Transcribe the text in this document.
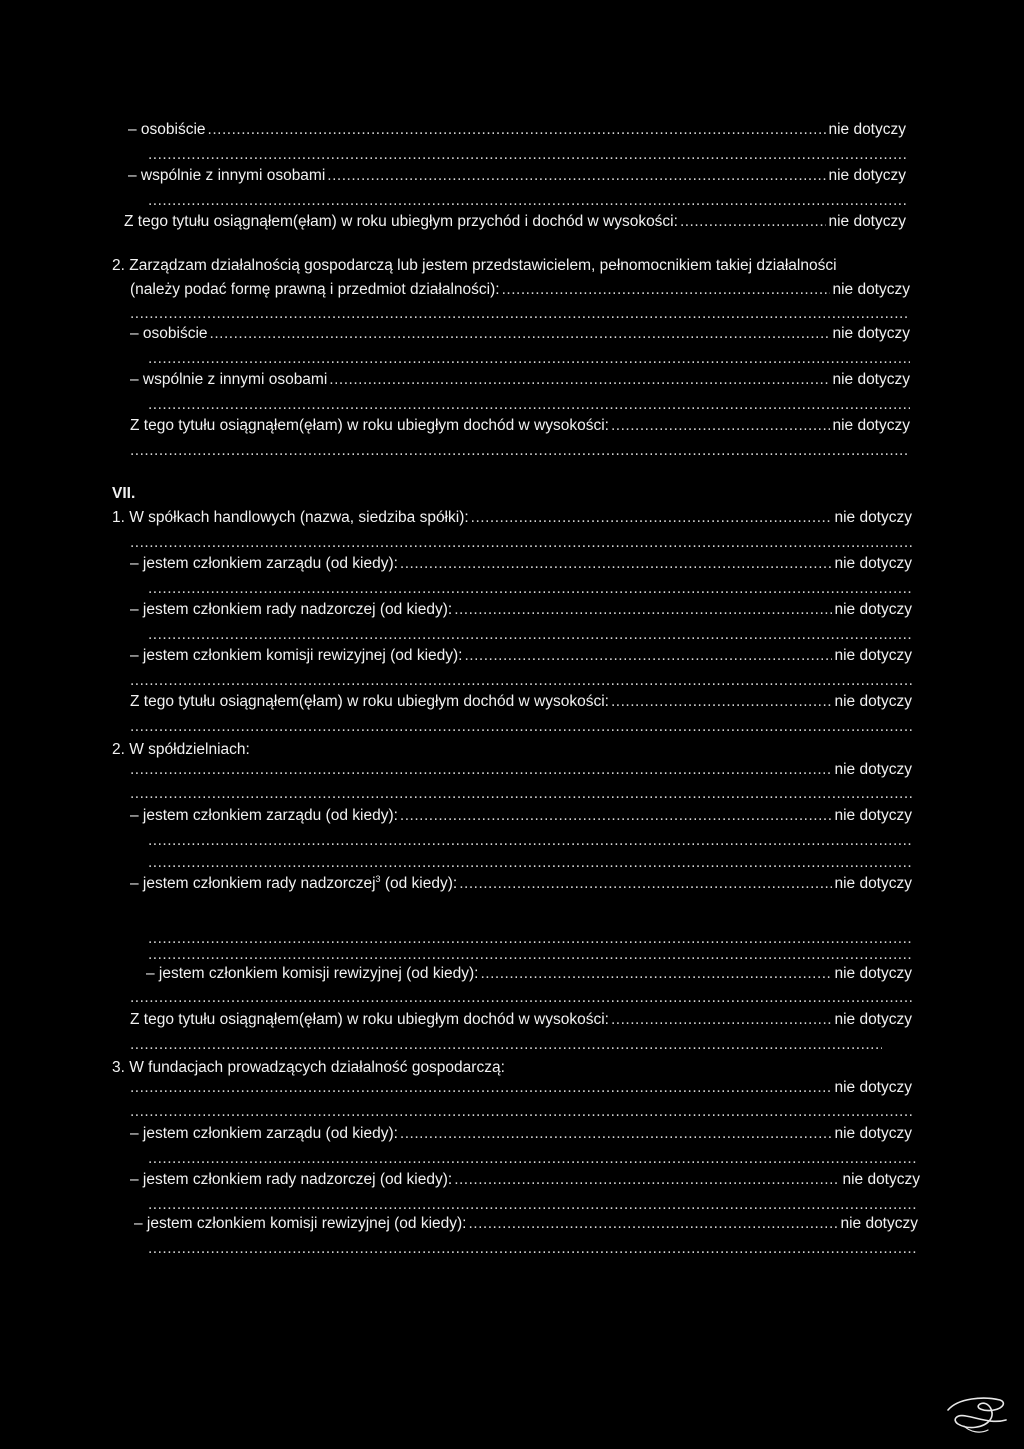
– osobiście .....	nie dotyczy
.....
– wspólnie z innymi osobami .....	nie dotyczy
.....
Z tego tytułu osiągnąłem(ęłam) w roku ubiegłym przychód i dochód w wysokości: .....	nie dotyczy
2. Zarządzam działalnością gospodarczą lub jestem przedstawicielem, pełnomocnikiem takiej działalności
(należy podać formę prawną i przedmiot działalności): .....	nie dotyczy
.....
– osobiście .....	nie dotyczy
.....
– wspólnie z innymi osobami .....	nie dotyczy
.....
Z tego tytułu osiągnąłem(ęłam) w roku ubiegłym dochód w wysokości: .....	nie dotyczy
.....
VII.
1. W spółkach handlowych (nazwa, siedziba spółki): .....	nie dotyczy
.....
– jestem członkiem zarządu (od kiedy): .....	nie dotyczy
.....
– jestem członkiem rady nadzorczej (od kiedy): .....	nie dotyczy
.....
– jestem członkiem komisji rewizyjnej (od kiedy): .....	nie dotyczy
.....
Z tego tytułu osiągnąłem(ęłam) w roku ubiegłym dochód w wysokości: .....	nie dotyczy
.....
2. W spółdzielniach:
.....
nie dotyczy
.....
– jestem członkiem zarządu (od kiedy): .....	nie dotyczy
.....
.....
– jestem członkiem rady nadzorczej$^3$ (od kiedy): .....	nie dotyczy
.....
.....
– jestem członkiem komisji rewizyjnej (od kiedy): .....	nie dotyczy
.....
Z tego tytułu osiągnąłem(ęłam) w roku ubiegłym dochód w wysokości: .....	nie dotyczy
.....
3. W fundacjach prowadzących działalność gospodarczą:
.....
nie dotyczy
.....
– jestem członkiem zarządu (od kiedy): .....	nie dotyczy
.....
– jestem członkiem rady nadzorczej (od kiedy): .....	nie dotyczy
.....
– jestem członkiem komisji rewizyjnej (od kiedy): .....	nie dotyczy
.....
